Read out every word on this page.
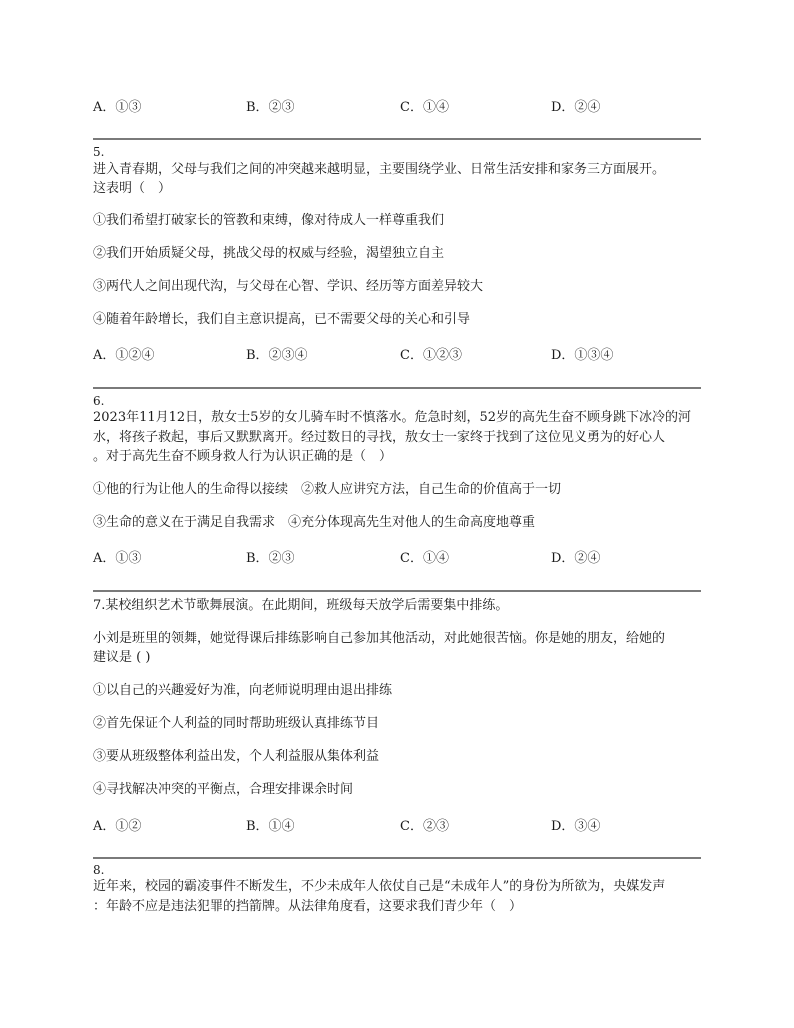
A．①③	B．②③	C．①④	D．②④
5.
进入青春期，父母与我们之间的冲突越来越明显，主要围绕学业、日常生活安排和家务三方面展开。
这表明（　）
①我们希望打破家长的管教和束缚，像对待成人一样尊重我们
②我们开始质疑父母，挑战父母的权威与经验，渴望独立自主
③两代人之间出现代沟，与父母在心智、学识、经历等方面差异较大
④随着年龄增长，我们自主意识提高，已不需要父母的关心和引导
A．①②④	B．②③④	C．①②③	D．①③④
6.
2023年11月12日，敖女士5岁的女儿骑车时不慎落水。危急时刻，52岁的高先生奋不顾身跳下冰冷的河
水，将孩子救起，事后又默默离开。经过数日的寻找，敖女士一家终于找到了这位见义勇为的好心人
。对于高先生奋不顾身救人行为认识正确的是（　）
①他的行为让他人的生命得以接续　②救人应讲究方法，自己生命的价值高于一切
③生命的意义在于满足自我需求　④充分体现高先生对他人的生命高度地尊重
A．①③	B．②③	C．①④	D．②④
7.某校组织艺术节歌舞展演。在此期间，班级每天放学后需要集中排练。
小刘是班里的领舞，她觉得课后排练影响自己参加其他活动，对此她很苦恼。你是她的朋友，给她的
建议是 ( )
①以自己的兴趣爱好为准，向老师说明理由退出排练
②首先保证个人利益的同时帮助班级认真排练节目
③要从班级整体利益出发，个人利益服从集体利益
④寻找解决冲突的平衡点，合理安排课余时间
A．①②	B．①④	C．②③	D．③④
8.
近年来，校园的霸凌事件不断发生，不少未成年人依仗自己是“未成年人”的身份为所欲为，央媒发声
：年龄不应是违法犯罪的挡箭牌。从法律角度看，这要求我们青少年（　）
